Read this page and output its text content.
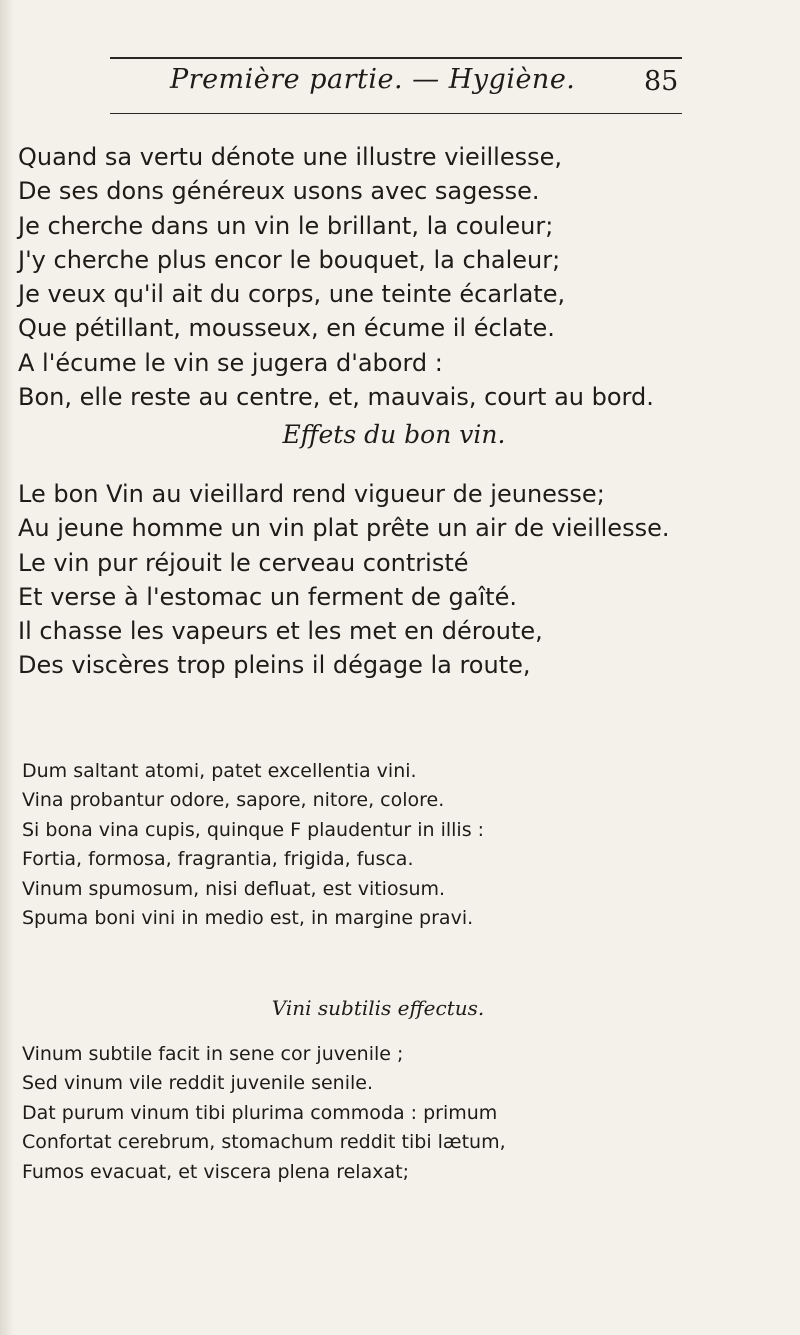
Première partie. — Hygiène.	85
Quand sa vertu dénote une illustre vieillesse,
De ses dons généreux usons avec sagesse.
Je cherche dans un vin le brillant, la couleur;
J'y cherche plus encor le bouquet, la chaleur;
Je veux qu'il ait du corps, une teinte écarlate,
Que pétillant, mousseux, en écume il éclate.
A l'écume le vin se jugera d'abord :
Bon, elle reste au centre, et, mauvais, court au bord.
Effets du bon vin.
Le bon Vin au vieillard rend vigueur de jeunesse;
Au jeune homme un vin plat prête un air de vieillesse.
Le vin pur réjouit le cerveau contristé
Et verse à l'estomac un ferment de gaîté.
Il chasse les vapeurs et les met en déroute,
Des viscères trop pleins il dégage la route,
Dum saltant atomi, patet excellentia vini.
Vina probantur odore, sapore, nitore, colore.
Si bona vina cupis, quinque F plaudentur in illis :
Fortia, formosa, fragrantia, frigida, fusca.
Vinum spumosum, nisi defluat, est vitiosum.
Spuma boni vini in medio est, in margine pravi.
Vini subtilis effectus.
Vinum subtile facit in sene cor juvenile ;
Sed vinum vile reddit juvenile senile.
Dat purum vinum tibi plurima commoda : primum
Confortat cerebrum, stomachum reddit tibi lætum,
Fumos evacuat, et viscera plena relaxat;
